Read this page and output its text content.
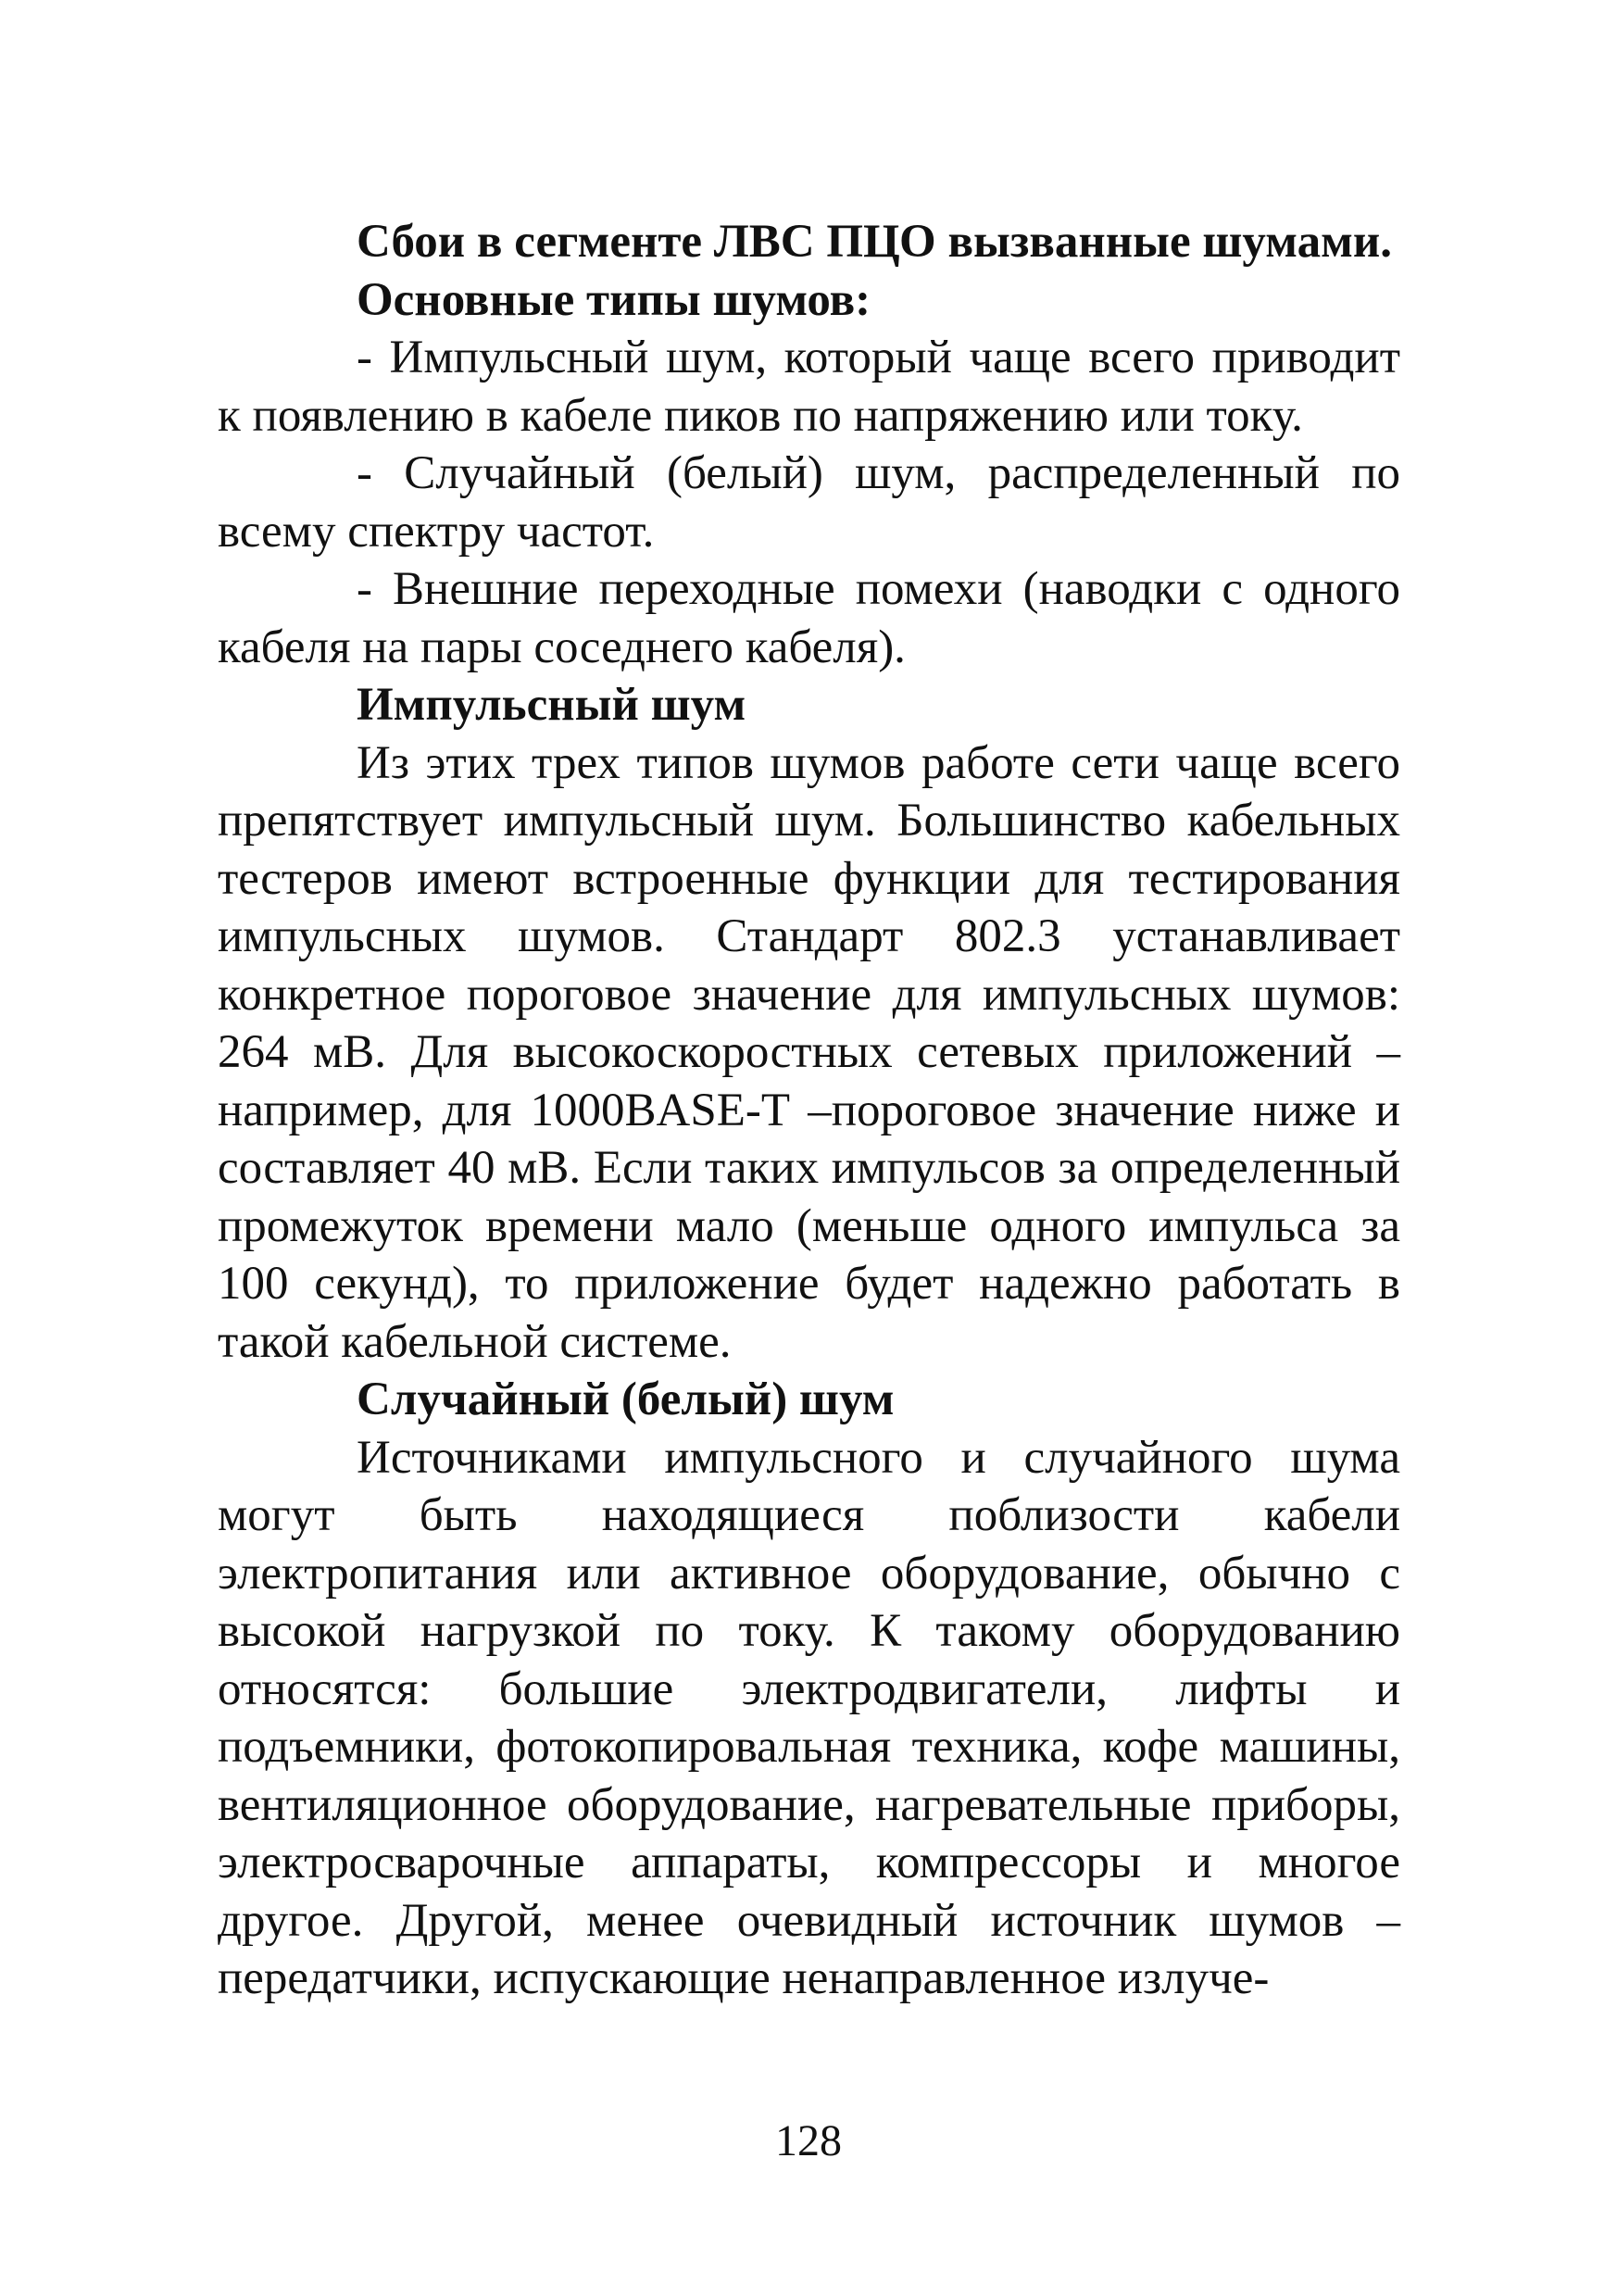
Сбои в сегменте ЛВС ПЦО вызванные шумами.

Основные типы шумов:

- Импульсный шум, который чаще всего приводит к появлению в кабеле пиков по напряжению или току.

- Случайный (белый) шум, распределенный по всему спектру частот.

- Внешние переходные помехи (наводки с одного кабеля на пары соседнего кабеля).

Импульсный шум

Из этих трех типов шумов работе сети чаще всего препятствует импульсный шум. Большинство кабельных тестеров имеют встроенные функции для тестирования импульсных шумов. Стандарт 802.3 устанавливает конкретное пороговое значение для импульсных шумов: 264 мВ. Для высокоскоростных сетевых приложений – например, для 1000BASE-T –пороговое значение ниже и составляет 40 мВ. Если таких импульсов за определенный промежуток времени мало (меньше одного импульса за 100 секунд), то приложение будет надежно работать в такой кабельной системе.

Случайный (белый) шум

Источниками импульсного и случайного шума могут быть находящиеся поблизости кабели электропитания или активное оборудование, обычно с высокой нагрузкой по току. К такому оборудованию относятся: большие электродвигатели, лифты и подъемники, фотокопировальная техника, кофе машины, вентиляционное оборудование, нагревательные приборы, электросварочные аппараты, компрессоры и многое другое. Другой, менее очевидный источник шумов – передатчики, испускающие ненаправленное излуче-

128
